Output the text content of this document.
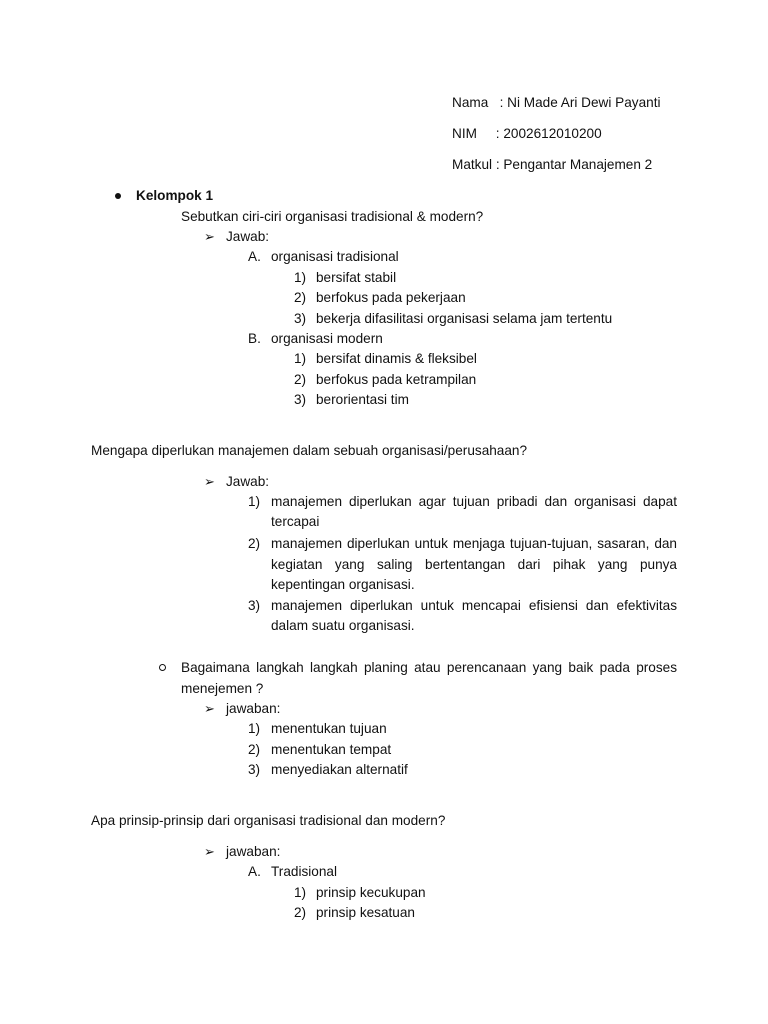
Nama   : Ni Made Ari Dewi Payanti
NIM     : 2002612010200
Matkul : Pengantar Manajemen 2
Kelompok 1
Sebutkan ciri-ciri organisasi tradisional & modern?
➢ Jawab:
A. organisasi tradisional
1) bersifat stabil
2) berfokus pada pekerjaan
3) bekerja difasilitasi organisasi selama jam tertentu
B. organisasi modern
1) bersifat dinamis & fleksibel
2) berfokus pada ketrampilan
3) berorientasi tim
Mengapa diperlukan manajemen dalam sebuah organisasi/perusahaan?
➢ Jawab:
1) manajemen diperlukan agar tujuan pribadi dan organisasi dapat tercapai
2) manajemen diperlukan untuk menjaga tujuan-tujuan, sasaran, dan kegiatan yang saling bertentangan dari pihak yang punya kepentingan organisasi.
3) manajemen diperlukan untuk mencapai efisiensi dan efektivitas dalam suatu organisasi.
Bagaimana langkah langkah planing atau perencanaan yang baik pada proses menejemen ?
➢ jawaban:
1) menentukan tujuan
2) menentukan tempat
3) menyediakan alternatif
Apa prinsip-prinsip dari organisasi tradisional dan modern?
➢ jawaban:
A. Tradisional
1) prinsip kecukupan
2) prinsip kesatuan
